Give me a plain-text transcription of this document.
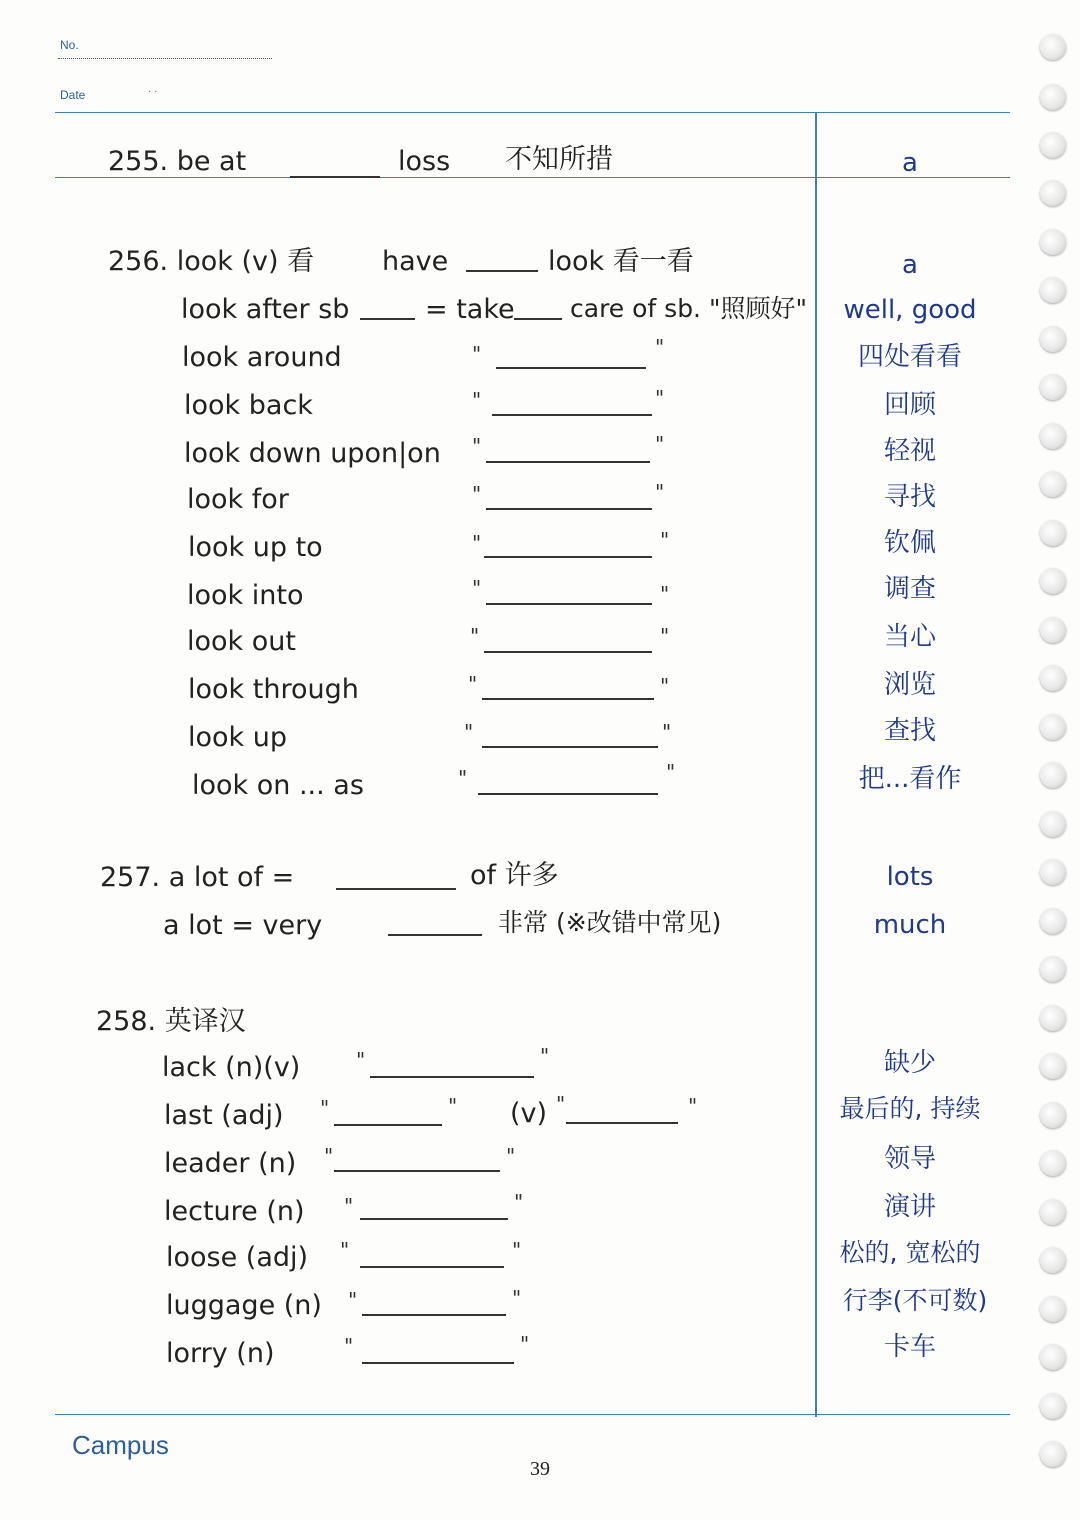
No.
Date	· ·
255. be at	loss 不知所措	a
256. look (v) 看	have	look 看一看	a
look after sb	= take care of sb. "照顾好"	well, good
look around	"	"	四处看看
look back	"	"	回顾
look down upon|on "	"	轻视
look for	"	"	寻找
look up to	"	"	钦佩
look into	"	"	调查
look out	"	"	当心
look through	"	"	浏览
look up	"	"	查找
look on ... as	"	"	把...看作
257. a lot of =	of 许多	lots
a lot = very	非常 (※改错中常见)	much
258. 英译汉
lack (n)(v)	"	"	缺少
last (adj) "	" (v) "	"	最后的, 持续
leader (n) "	"	领导
lecture (n) "	"	演讲
loose (adj) "	"	松的, 宽松的
luggage (n) "	"	行李(不可数)
lorry (n)	"	"	卡车
Campus
39
